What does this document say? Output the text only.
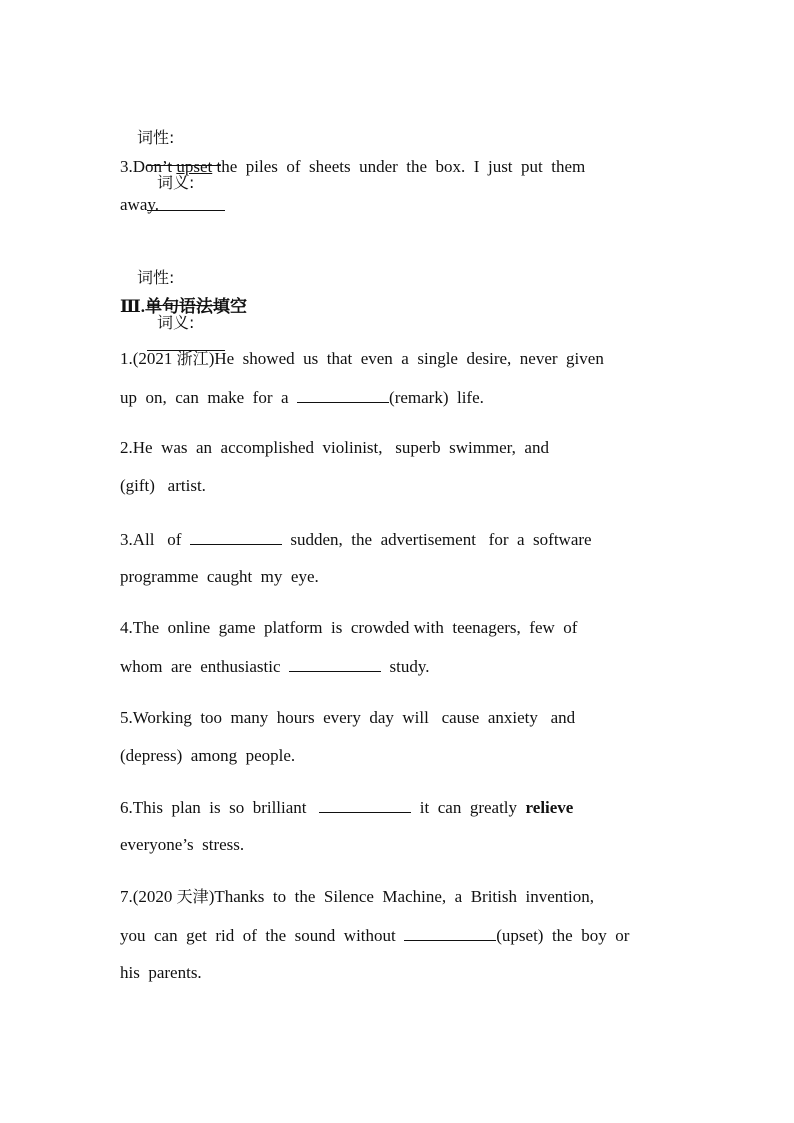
词性:

词义:

3.Don’t upset the  piles  of  sheets  under  the  box.  I  just  put  them
away.

词性:

词义:

Ⅲ.单句语法填空
1.(2021 浙江)He  showed  us  that  even  a  single  desire,  never  given
up  on,  can  make  for  a	(remark)  life.
2.He  was  an  accomplished  violinist,   superb  swimmer,  and
(gift)   artist.
3.All   of	sudden,  the  advertisement   for  a  software
programme  caught  my  eye.
4.The  online  game  platform  is  crowded with  teenagers,  few  of
whom  are  enthusiastic	study.
5.Working  too  many  hours  every  day  will   cause  anxiety   and
(depress)  among  people.
6.This  plan  is  so  brilliant	it  can  greatly  relieve
everyone’s  stress.
7.(2020 天津)Thanks  to  the  Silence  Machine,  a  British  invention,
you  can  get  rid  of  the  sound  without	(upset)  the  boy  or
his  parents.
